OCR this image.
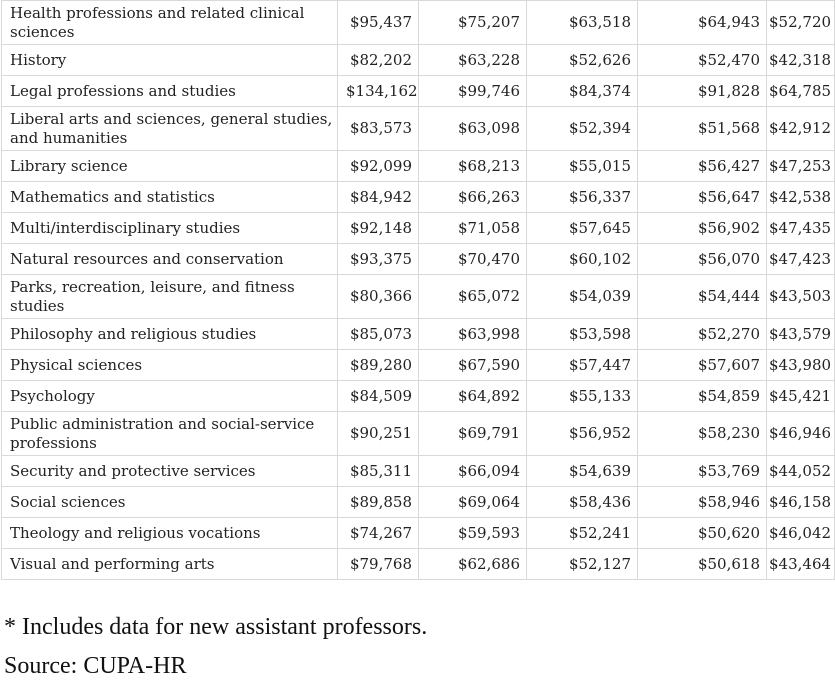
Health professions and related clinical sciences	$95,437	$75,207	$63,518	$64,943	$52,720
History	$82,202	$63,228	$52,626	$52,470	$42,318
Legal professions and studies	$134,162	$99,746	$84,374	$91,828	$64,785
Liberal arts and sciences, general studies, and humanities	$83,573	$63,098	$52,394	$51,568	$42,912
Library science	$92,099	$68,213	$55,015	$56,427	$47,253
Mathematics and statistics	$84,942	$66,263	$56,337	$56,647	$42,538
Multi/interdisciplinary studies	$92,148	$71,058	$57,645	$56,902	$47,435
Natural resources and conservation	$93,375	$70,470	$60,102	$56,070	$47,423
Parks, recreation, leisure, and fitness studies	$80,366	$65,072	$54,039	$54,444	$43,503
Philosophy and religious studies	$85,073	$63,998	$53,598	$52,270	$43,579
Physical sciences	$89,280	$67,590	$57,447	$57,607	$43,980
Psychology	$84,509	$64,892	$55,133	$54,859	$45,421
Public administration and social-service professions	$90,251	$69,791	$56,952	$58,230	$46,946
Security and protective services	$85,311	$66,094	$54,639	$53,769	$44,052
Social sciences	$89,858	$69,064	$58,436	$58,946	$46,158
Theology and religious vocations	$74,267	$59,593	$52,241	$50,620	$46,042
Visual and performing arts	$79,768	$62,686	$52,127	$50,618	$43,464
* Includes data for new assistant professors.
Source: CUPA-HR
